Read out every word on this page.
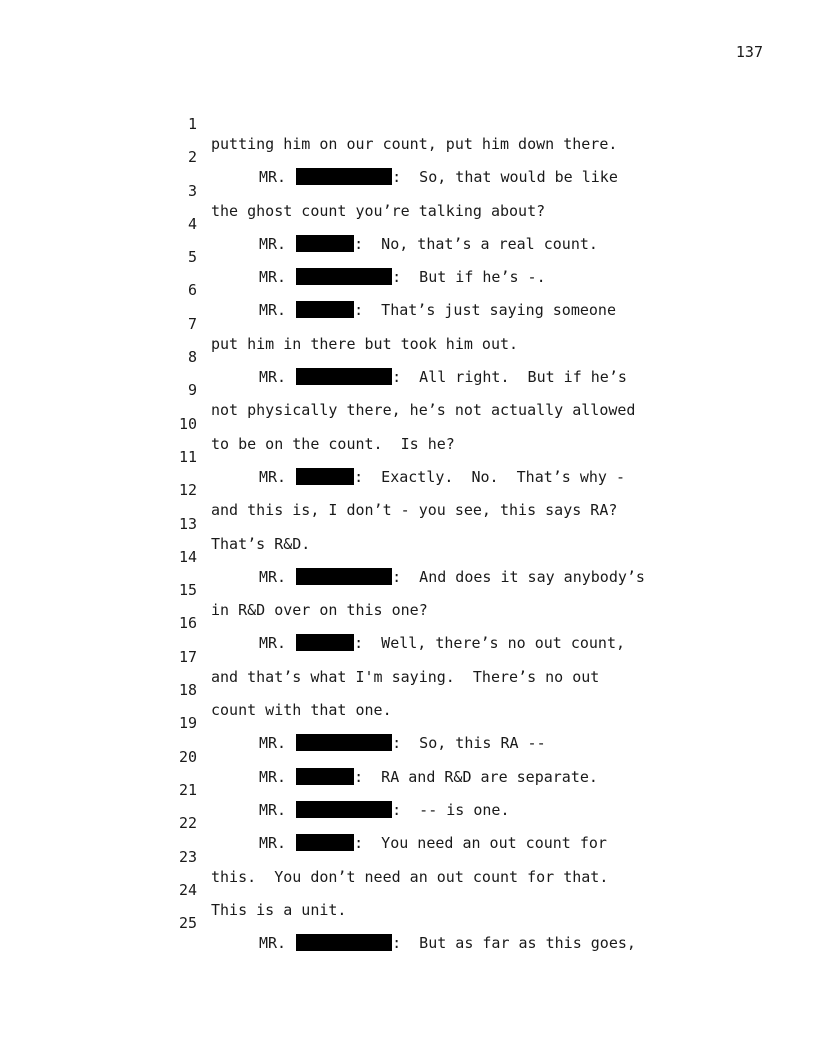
137

1

putting him on our count, put him down there.

2

MR.	:  So, that would be like

3

the ghost count you’re talking about?

4

MR.	:  No, that’s a real count.

5

MR.	:  But if he’s -.

6

MR.	:  That’s just saying someone

7

put him in there but took him out.

8

MR.	:  All right.  But if he’s

9

not physically there, he’s not actually allowed

10

to be on the count.  Is he?

11

MR.	:  Exactly.  No.  That’s why -

12

and this is, I don’t - you see, this says RA?

13

That’s R&D.

14

MR.	:  And does it say anybody’s

15

in R&D over on this one?

16

MR.	:  Well, there’s no out count,

17

and that’s what I'm saying.  There’s no out

18

count with that one.

19

MR.	:  So, this RA --

20

MR.	:  RA and R&D are separate.

21

MR.	:  -- is one.

22

MR.	:  You need an out count for

23

this.  You don’t need an out count for that.

24

This is a unit.

25

MR.	:  But as far as this goes,
